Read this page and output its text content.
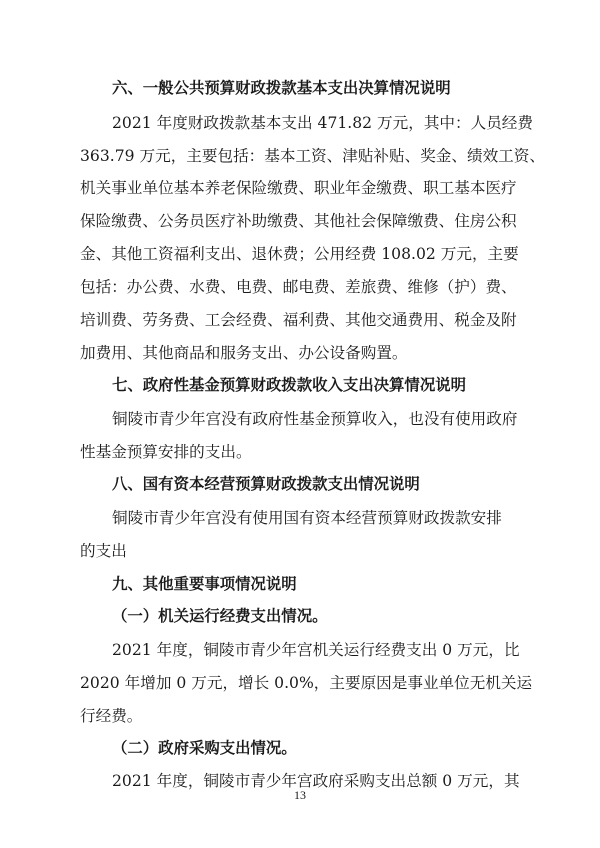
六、一般公共预算财政拨款基本支出决算情况说明
2021 年度财政拨款基本支出 471.82 万元，其中：人员经费
363.79 万元，主要包括：基本工资、津贴补贴、奖金、绩效工资、
机关事业单位基本养老保险缴费、职业年金缴费、职工基本医疗
保险缴费、公务员医疗补助缴费、其他社会保障缴费、住房公积
金、其他工资福利支出、退休费；公用经费 108.02 万元，主要
包括：办公费、水费、电费、邮电费、差旅费、维修（护）费、
培训费、劳务费、工会经费、福利费、其他交通费用、税金及附
加费用、其他商品和服务支出、办公设备购置。
七、政府性基金预算财政拨款收入支出决算情况说明
铜陵市青少年宫没有政府性基金预算收入，也没有使用政府
性基金预算安排的支出。
八、国有资本经营预算财政拨款支出情况说明
铜陵市青少年宫没有使用国有资本经营预算财政拨款安排
的支出
九、其他重要事项情况说明
（一）机关运行经费支出情况。
2021 年度，铜陵市青少年宫机关运行经费支出 0 万元，比
2020 年增加 0 万元，增长 0.0%，主要原因是事业单位无机关运
行经费。
（二）政府采购支出情况。
2021 年度，铜陵市青少年宫政府采购支出总额 0 万元，其
13
